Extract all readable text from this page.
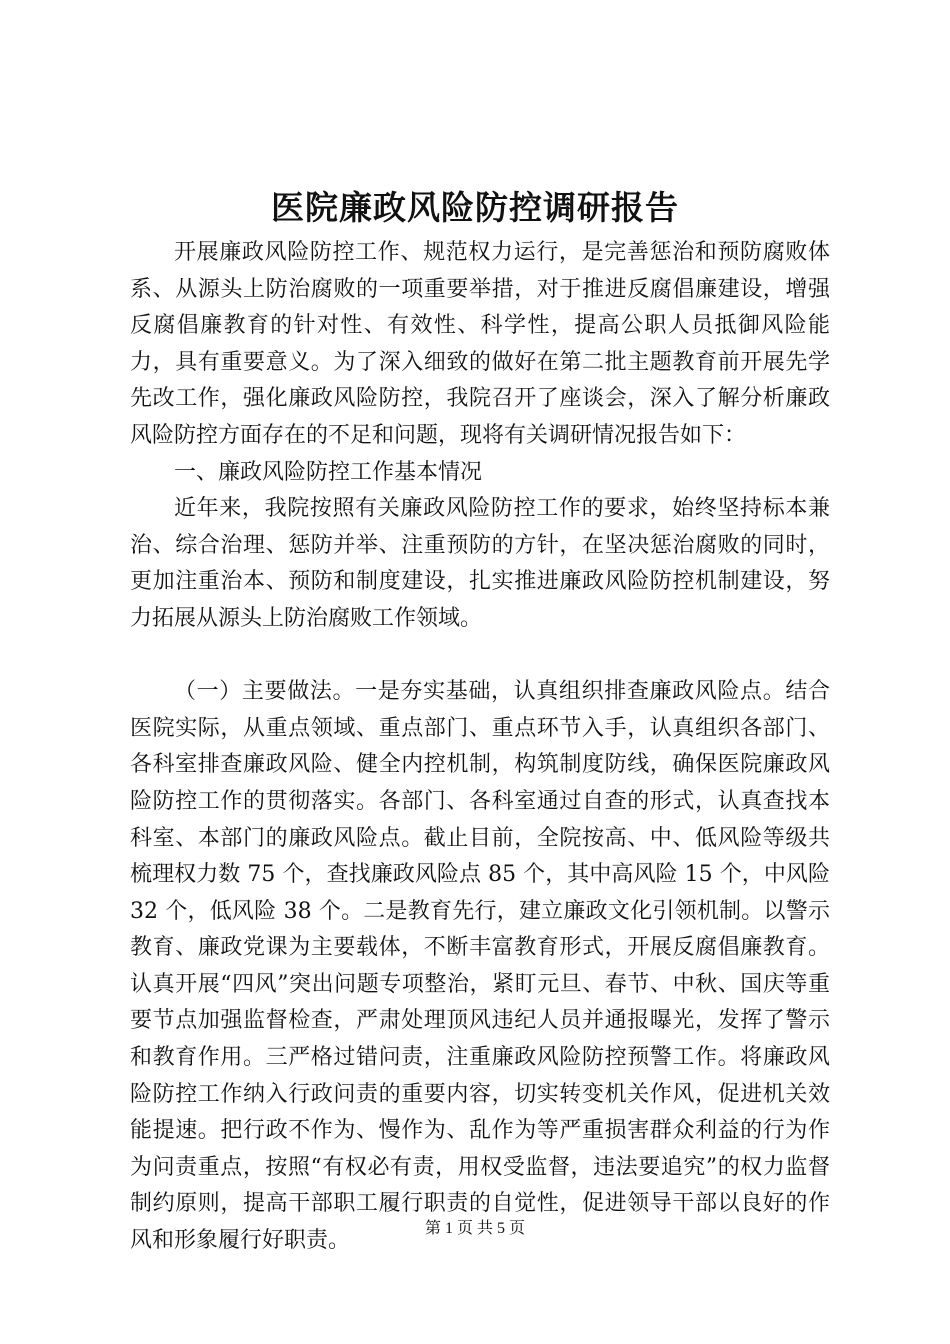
医院廉政风险防控调研报告

开展廉政风险防控工作、规范权力运行，是完善惩治和预防腐败体系、从源头上防治腐败的一项重要举措，对于推进反腐倡廉建设，增强反腐倡廉教育的针对性、有效性、科学性，提高公职人员抵御风险能力，具有重要意义。为了深入细致的做好在第二批主题教育前开展先学先改工作，强化廉政风险防控，我院召开了座谈会，深入了解分析廉政风险防控方面存在的不足和问题，现将有关调研情况报告如下：

一、廉政风险防控工作基本情况

近年来，我院按照有关廉政风险防控工作的要求，始终坚持标本兼治、综合治理、惩防并举、注重预防的方针，在坚决惩治腐败的同时，更加注重治本、预防和制度建设，扎实推进廉政风险防控机制建设，努力拓展从源头上防治腐败工作领域。

（一）主要做法。一是夯实基础，认真组织排查廉政风险点。结合医院实际，从重点领域、重点部门、重点环节入手，认真组织各部门、各科室排查廉政风险、健全内控机制，构筑制度防线，确保医院廉政风险防控工作的贯彻落实。各部门、各科室通过自查的形式，认真查找本科室、本部门的廉政风险点。截止目前，全院按高、中、低风险等级共梳理权力数 75 个，查找廉政风险点 85 个，其中高风险 15 个，中风险 32 个，低风险 38 个。二是教育先行，建立廉政文化引领机制。以警示教育、廉政党课为主要载体，不断丰富教育形式，开展反腐倡廉教育。认真开展“四风”突出问题专项整治，紧盯元旦、春节、中秋、国庆等重要节点加强监督检查，严肃处理顶风违纪人员并通报曝光，发挥了警示和教育作用。三严格过错问责，注重廉政风险防控预警工作。将廉政风险防控工作纳入行政问责的重要内容，切实转变机关作风，促进机关效能提速。把行政不作为、慢作为、乱作为等严重损害群众利益的行为作为问责重点，按照“有权必有责，用权受监督，违法要追究”的权力监督制约原则，提高干部职工履行职责的自觉性，促进领导干部以良好的作风和形象履行好职责。	第 1 页 共 5 页
